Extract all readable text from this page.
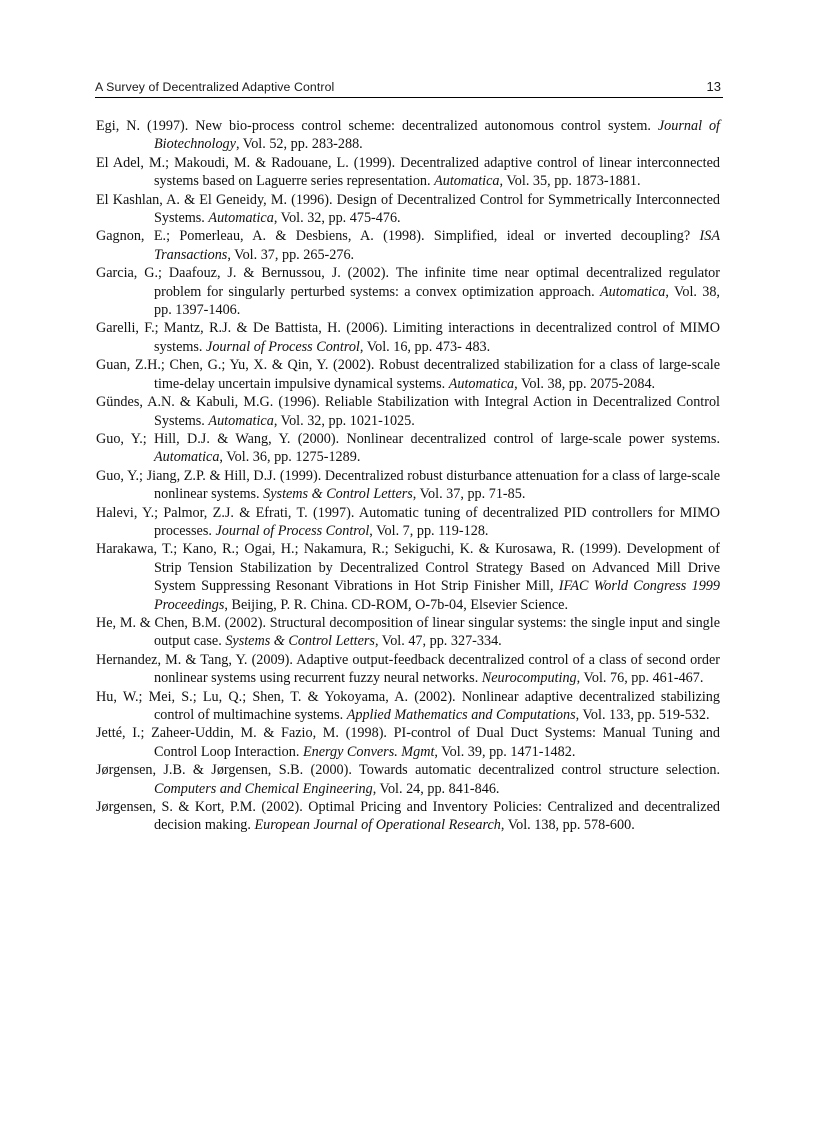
A Survey of Decentralized Adaptive Control	13

Egi, N. (1997). New bio-process control scheme: decentralized autonomous control system. Journal of Biotechnology, Vol. 52, pp. 283-288.

El Adel, M.; Makoudi, M. & Radouane, L. (1999). Decentralized adaptive control of linear interconnected systems based on Laguerre series representation. Automatica, Vol. 35, pp. 1873-1881.

El Kashlan, A. & El Geneidy, M. (1996). Design of Decentralized Control for Symmetrically Interconnected Systems. Automatica, Vol. 32, pp. 475-476.

Gagnon, E.; Pomerleau, A. & Desbiens, A. (1998). Simplified, ideal or inverted decoupling? ISA Transactions, Vol. 37, pp. 265-276.

Garcia, G.; Daafouz, J. & Bernussou, J. (2002). The infinite time near optimal decentralized regulator problem for singularly perturbed systems: a convex optimization approach. Automatica, Vol. 38, pp. 1397-1406.

Garelli, F.; Mantz, R.J. & De Battista, H. (2006). Limiting interactions in decentralized control of MIMO systems. Journal of Process Control, Vol. 16, pp. 473- 483.

Guan, Z.H.; Chen, G.; Yu, X. & Qin, Y. (2002). Robust decentralized stabilization for a class of large-scale time-delay uncertain impulsive dynamical systems. Automatica, Vol. 38, pp. 2075-2084.

Gündes, A.N. & Kabuli, M.G. (1996). Reliable Stabilization with Integral Action in Decentralized Control Systems. Automatica, Vol. 32, pp. 1021-1025.

Guo, Y.; Hill, D.J. & Wang, Y. (2000). Nonlinear decentralized control of large-scale power systems. Automatica, Vol. 36, pp. 1275-1289.

Guo, Y.; Jiang, Z.P. & Hill, D.J. (1999). Decentralized robust disturbance attenuation for a class of large-scale nonlinear systems. Systems & Control Letters, Vol. 37, pp. 71-85.

Halevi, Y.; Palmor, Z.J. & Efrati, T. (1997). Automatic tuning of decentralized PID controllers for MIMO processes. Journal of Process Control, Vol. 7, pp. 119-128.

Harakawa, T.; Kano, R.; Ogai, H.; Nakamura, R.; Sekiguchi, K. & Kurosawa, R. (1999). Development of Strip Tension Stabilization by Decentralized Control Strategy Based on Advanced Mill Drive System Suppressing Resonant Vibrations in Hot Strip Finisher Mill, IFAC World Congress 1999 Proceedings, Beijing, P. R. China. CD-ROM, O-7b-04, Elsevier Science.

He, M. & Chen, B.M. (2002). Structural decomposition of linear singular systems: the single input and single output case. Systems & Control Letters, Vol. 47, pp. 327-334.

Hernandez, M. & Tang, Y. (2009). Adaptive output-feedback decentralized control of a class of second order nonlinear systems using recurrent fuzzy neural networks. Neurocomputing, Vol. 76, pp. 461-467.

Hu, W.; Mei, S.; Lu, Q.; Shen, T. & Yokoyama, A. (2002). Nonlinear adaptive decentralized stabilizing control of multimachine systems. Applied Mathematics and Computations, Vol. 133, pp. 519-532.

Jetté, I.; Zaheer-Uddin, M. & Fazio, M. (1998). PI-control of Dual Duct Systems: Manual Tuning and Control Loop Interaction. Energy Convers. Mgmt, Vol. 39, pp. 1471-1482.

Jørgensen, J.B. & Jørgensen, S.B. (2000). Towards automatic decentralized control structure selection. Computers and Chemical Engineering, Vol. 24, pp. 841-846.

Jørgensen, S. & Kort, P.M. (2002). Optimal Pricing and Inventory Policies: Centralized and decentralized decision making. European Journal of Operational Research, Vol. 138, pp. 578-600.
